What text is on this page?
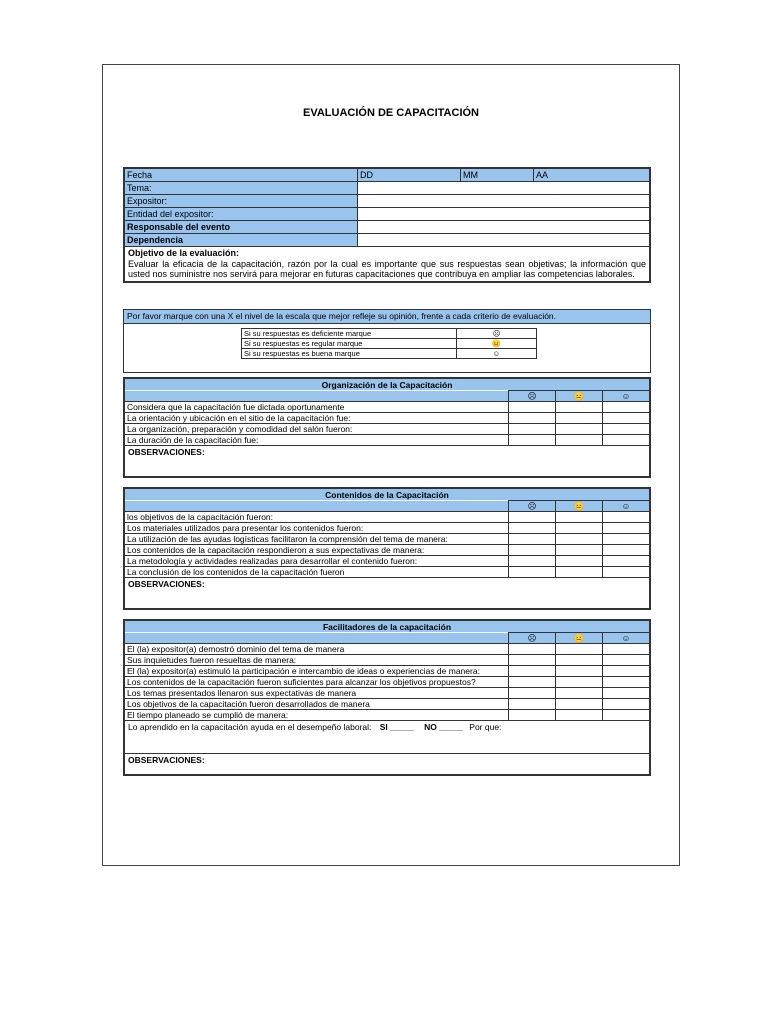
EVALUACIÓN DE CAPACITACIÓN
Fecha	DD	MM	AA
Tema:			
Expositor:			
Entidad del expositor:			
Responsable del evento			
Dependencia			

Objetivo de la evaluación:
Evaluar la eficacia de la capacitación, razón por la cual es importante que sus respuestas sean objetivas; la información que usted nos suministre nos servirá para mejorar en futuras capacitaciones que contribuya en ampliar las competencias laborales.			
Por favor marque con una X el nivel de la escala que mejor refleje su opinión, frente a cada criterio de evaluación.
Si su respuestas es deficiente marque	☹
Si su respuestas es regular marque	😐
Si su respuestas es buena marque	☺
Organización de la Capacitación			
	☹	😐	☺
Considera que la capacitación fue dictada oportunamente			
La orientación y ubicación en el sitio de la capacitación fue:			
La organización, preparación y comodidad del salón fueron:			
La duración de la capacitación fue:			
OBSERVACIONES:			
Contenidos de la Capacitación			
	☹	😐	☺
los objetivos de la capacitación fueron:			
Los materiales utilizados para presentar los contenidos fueron:			
La utilización de las ayudas logísticas facilitaron la comprensión del tema de manera:			
Los contenidos de la capacitación respondieron a sus expectativas de manera:			
La metodología y actividades realizadas para desarrollar el contenido fueron:			
La conclusión de los contenidos de la capacitación fueron			
OBSERVACIONES:			
Facilitadores de la capacitación			
	☹	😐	☺
El (la) expositor(a) demostró dominio del tema de manera			
Sus inquietudes fueron resueltas de manera:			
El (la) expositor(a) estimuló la participación e intercambio de ideas o experiencias de manera:			
Los contenidos de la capacitación fueron suficientes para alcanzar los objetivos propuestos?			
Los temas presentados llenaron sus expectativas de manera			
Los objetivos de la capacitación fueron desarrollados de manera			
El tiempo planeado se cumplió de manera:			
Lo aprendido en la capacitación ayuda en el desempeño laboral: SI _____ NO _____ Por que:			
OBSERVACIONES:			
